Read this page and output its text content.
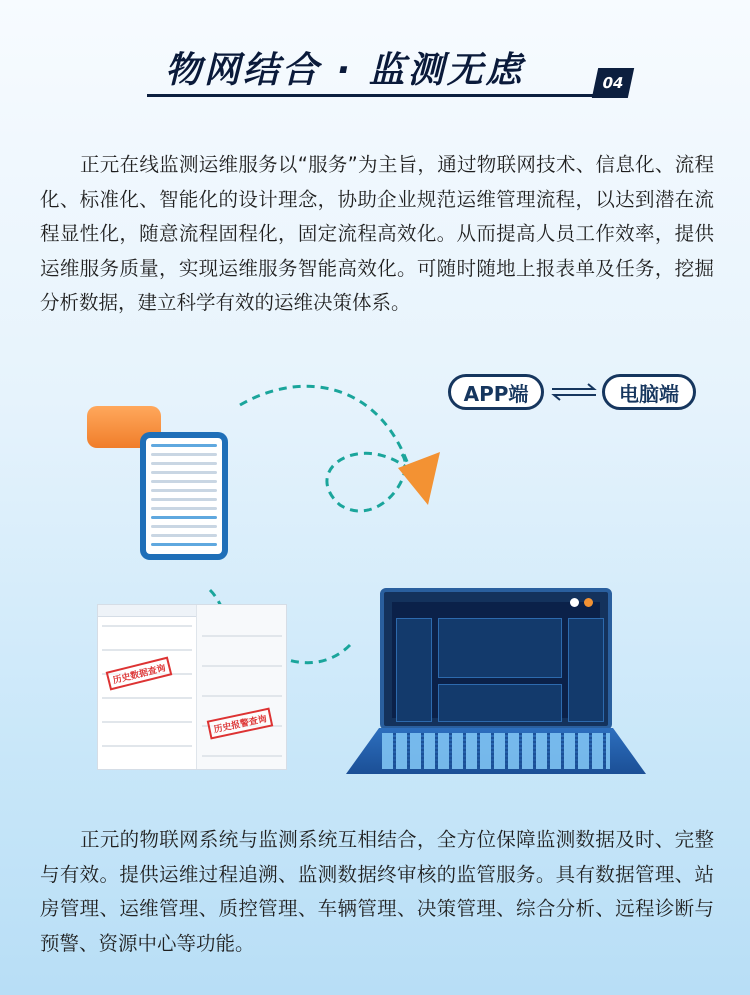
物网结合 · 监测无虑	04

正元在线监测运维服务以“服务”为主旨，通过物联网技术、信息化、流程化、标准化、智能化的设计理念，协助企业规范运维管理流程，以达到潜在流程显性化，随意流程固程化，固定流程高效化。从而提高人员工作效率，提供运维服务质量，实现运维服务智能高效化。可随时随地上报表单及任务，挖掘分析数据，建立科学有效的运维决策体系。

APP端	电脑端
历史数据查询
历史报警查询

正元的物联网系统与监测系统互相结合，全方位保障监测数据及时、完整与有效。提供运维过程追溯、监测数据终审核的监管服务。具有数据管理、站房管理、运维管理、质控管理、车辆管理、决策管理、综合分析、远程诊断与预警、资源中心等功能。
